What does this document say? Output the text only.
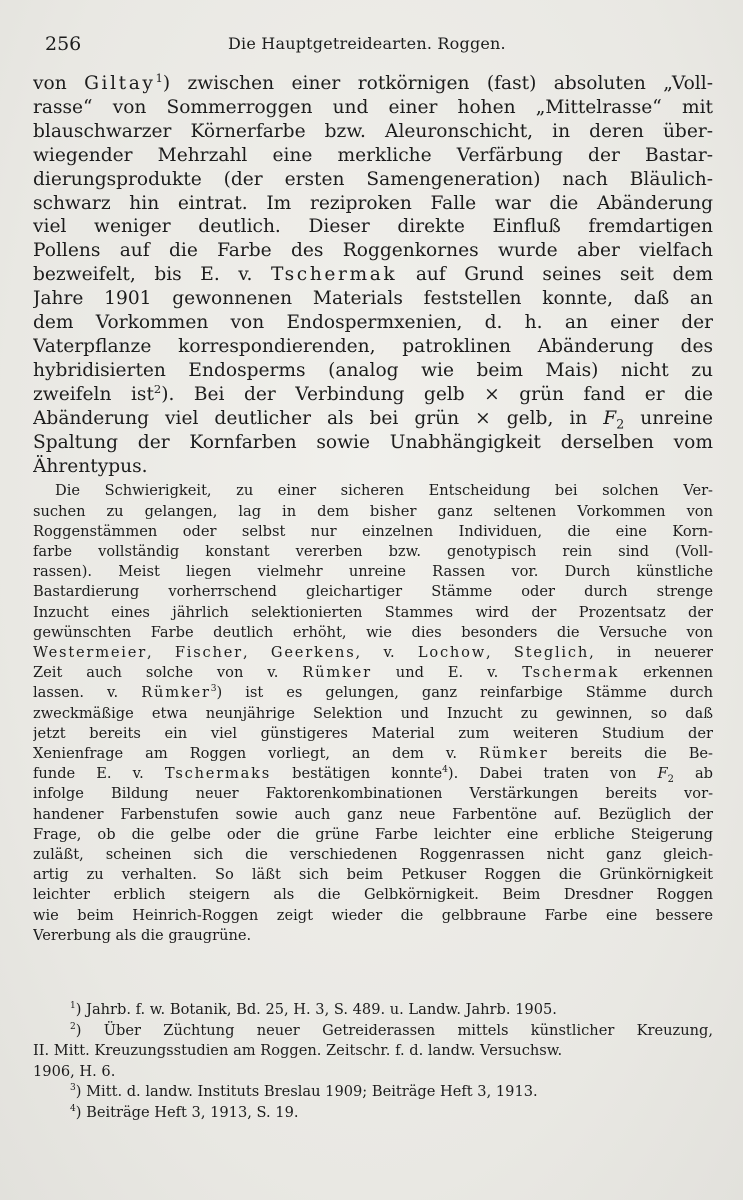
256	Die Hauptgetreidearten. Roggen.
von Giltay$^1$) zwischen einer rotkörnigen (fast) absoluten „Voll-
rasse“ von Sommerroggen und einer hohen „Mittelrasse“ mit
blauschwarzer Körnerfarbe bzw. Aleuronschicht, in deren über-
wiegender Mehrzahl eine merkliche Verfärbung der Bastar-
dierungsprodukte (der ersten Samengeneration) nach Bläulich-
schwarz hin eintrat. Im reziproken Falle war die Abänderung
viel weniger deutlich. Dieser direkte Einfluß fremdartigen
Pollens auf die Farbe des Roggenkornes wurde aber vielfach
bezweifelt, bis E. v. Tschermak auf Grund seines seit dem
Jahre 1901 gewonnenen Materials feststellen konnte, daß an
dem Vorkommen von Endospermxenien, d. h. an einer der
Vaterpflanze korrespondierenden, patroklinen Abänderung des
hybridisierten Endosperms (analog wie beim Mais) nicht zu
zweifeln ist$^2$). Bei der Verbindung gelb × grün fand er die
Abänderung viel deutlicher als bei grün × gelb, in $F_2$ unreine
Spaltung der Kornfarben sowie Unabhängigkeit derselben vom
Ährentypus.
Die Schwierigkeit, zu einer sicheren Entscheidung bei solchen Ver-
suchen zu gelangen, lag in dem bisher ganz seltenen Vorkommen von
Roggenstämmen oder selbst nur einzelnen Individuen, die eine Korn-
farbe vollständig konstant vererben bzw. genotypisch rein sind (Voll-
rassen). Meist liegen vielmehr unreine Rassen vor. Durch künstliche
Bastardierung vorherrschend gleichartiger Stämme oder durch strenge
Inzucht eines jährlich selektionierten Stammes wird der Prozentsatz der
gewünschten Farbe deutlich erhöht, wie dies besonders die Versuche von
Westermeier, Fischer, Geerkens, v. Lochow, Steglich, in neuerer
Zeit auch solche von v. Rümker und E. v. Tschermak erkennen
lassen. v. Rümker$^3$) ist es gelungen, ganz reinfarbige Stämme durch
zweckmäßige etwa neunjährige Selektion und Inzucht zu gewinnen, so daß
jetzt bereits ein viel günstigeres Material zum weiteren Studium der
Xenienfrage am Roggen vorliegt, an dem v. Rümker bereits die Be-
funde E. v. Tschermaks bestätigen konnte$^4$). Dabei traten von $F_2$ ab
infolge Bildung neuer Faktorenkombinationen Verstärkungen bereits vor-
handener Farbenstufen sowie auch ganz neue Farbentöne auf. Bezüglich der
Frage, ob die gelbe oder die grüne Farbe leichter eine erbliche Steigerung
zuläßt, scheinen sich die verschiedenen Roggenrassen nicht ganz gleich-
artig zu verhalten. So läßt sich beim Petkuser Roggen die Grünkörnigkeit
leichter erblich steigern als die Gelbkörnigkeit. Beim Dresdner Roggen
wie beim Heinrich-Roggen zeigt wieder die gelbbraune Farbe eine bessere
Vererbung als die graugrüne.
$^1$) Jahrb. f. w. Botanik, Bd. 25, H. 3, S. 489. u. Landw. Jahrb. 1905.
$^2$) Über Züchtung neuer Getreiderassen mittels künstlicher Kreuzung,
II. Mitt. Kreuzungsstudien am Roggen. Zeitschr. f. d. landw. Versuchsw.
1906, H. 6.
$^3$) Mitt. d. landw. Instituts Breslau 1909; Beiträge Heft 3, 1913.
$^4$) Beiträge Heft 3, 1913, S. 19.
